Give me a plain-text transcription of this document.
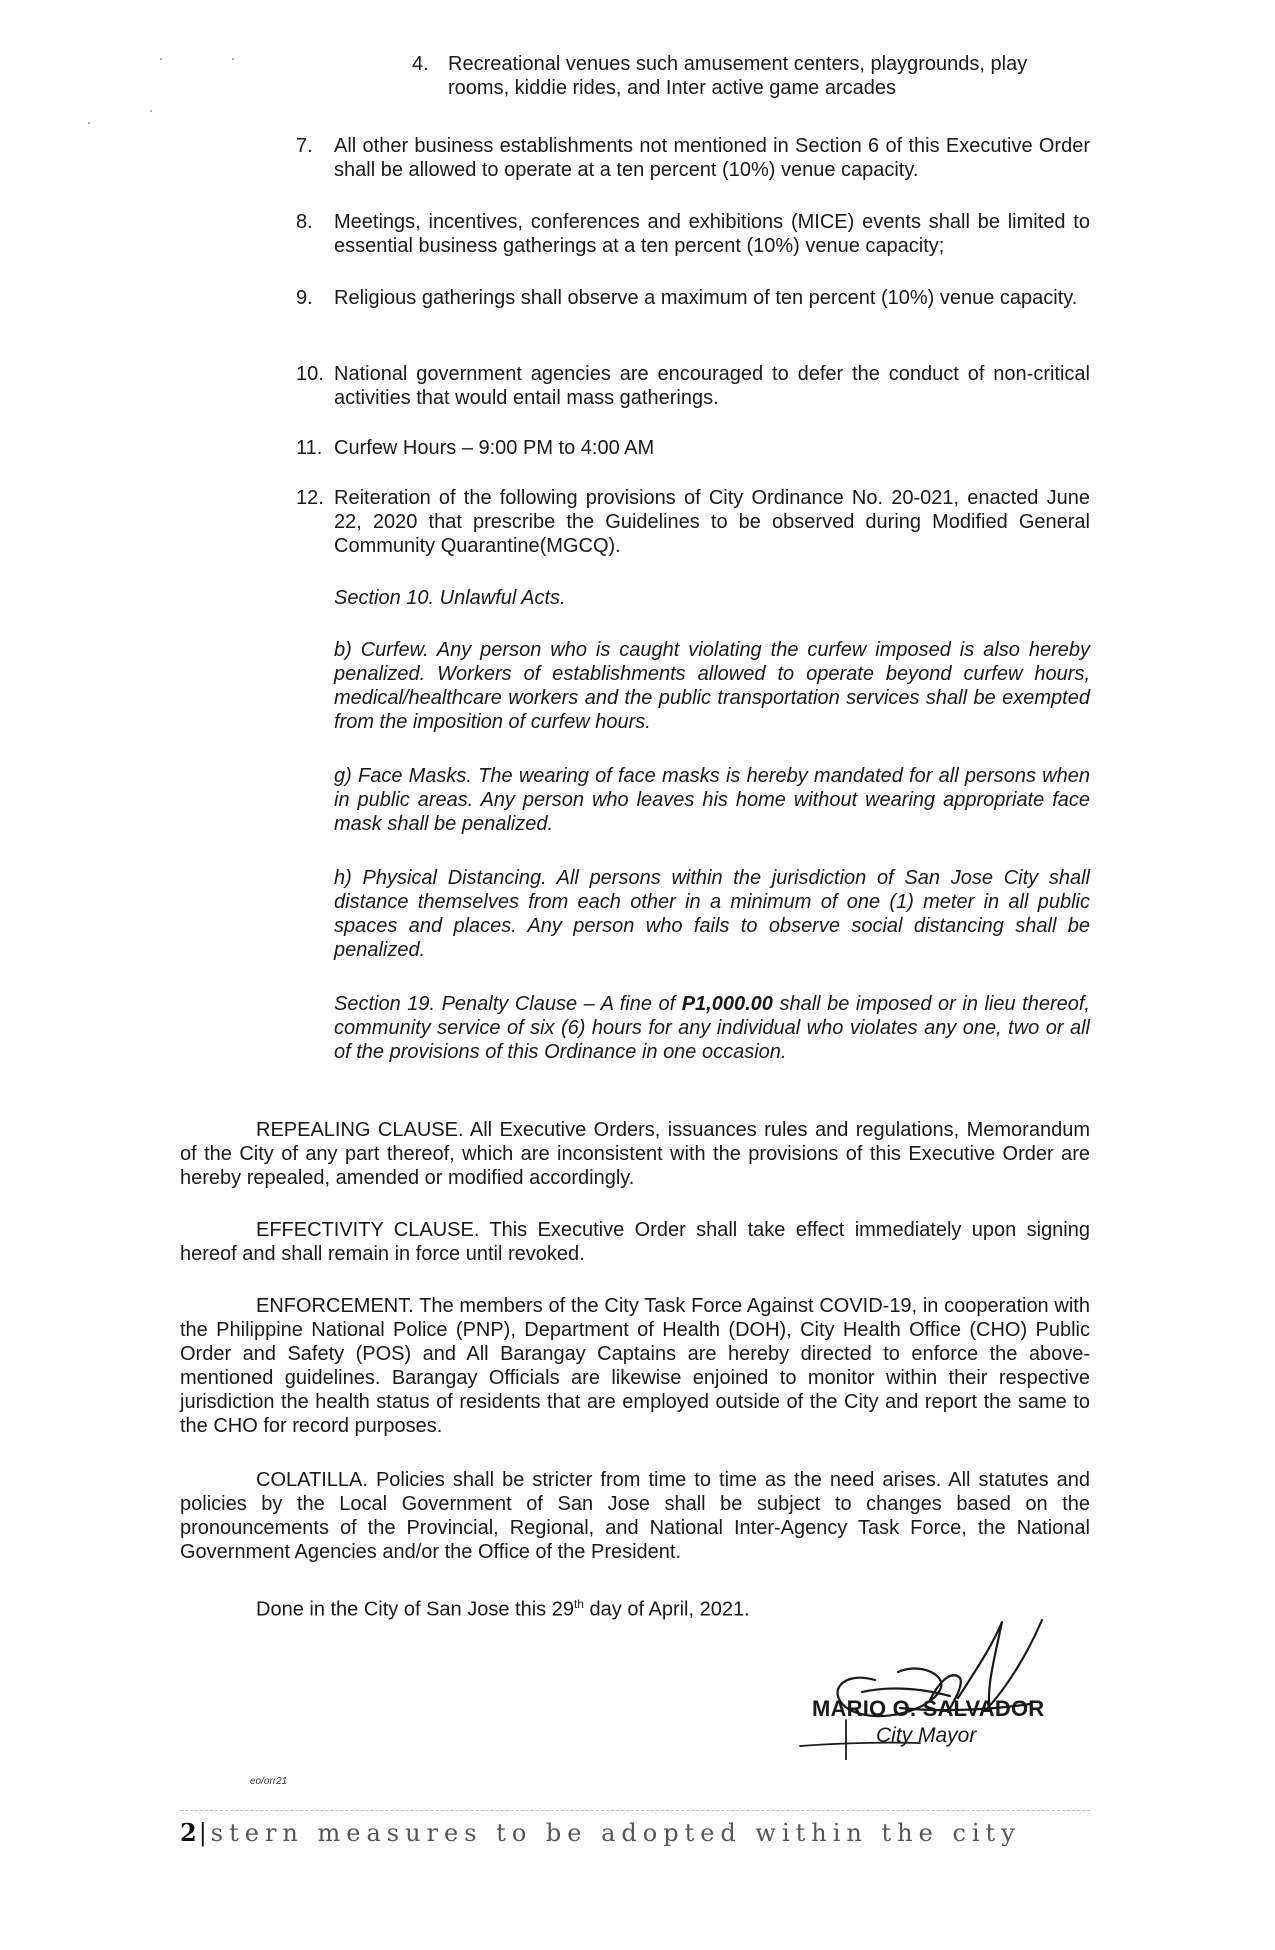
4. Recreational venues such amusement centers, playgrounds, play rooms, kiddie rides, and Inter active game arcades
7.	All other business establishments not mentioned in Section 6 of this Executive Order shall be allowed to operate at a ten percent (10%) venue capacity.
8.	Meetings, incentives, conferences and exhibitions (MICE) events shall be limited to essential business gatherings at a ten percent (10%) venue capacity;
9.	Religious gatherings shall observe a maximum of ten percent (10%) venue capacity.
10. National government agencies are encouraged to defer the conduct of non-critical activities that would entail mass gatherings.
11. Curfew Hours – 9:00 PM to 4:00 AM
12. Reiteration of the following provisions of City Ordinance No. 20-021, enacted June 22, 2020 that prescribe the Guidelines to be observed during Modified General Community Quarantine(MGCQ).
Section 10. Unlawful Acts.
b) Curfew. Any person who is caught violating the curfew imposed is also hereby penalized. Workers of establishments allowed to operate beyond curfew hours, medical/healthcare workers and the public transportation services shall be exempted from the imposition of curfew hours.
g) Face Masks. The wearing of face masks is hereby mandated for all persons when in public areas. Any person who leaves his home without wearing appropriate face mask shall be penalized.
h) Physical Distancing. All persons within the jurisdiction of San Jose City shall distance themselves from each other in a minimum of one (1) meter in all public spaces and places. Any person who fails to observe social distancing shall be penalized.
Section 19. Penalty Clause – A fine of P1,000.00 shall be imposed or in lieu thereof, community service of six (6) hours for any individual who violates any one, two or all of the provisions of this Ordinance in one occasion.
REPEALING CLAUSE. All Executive Orders, issuances rules and regulations, Memorandum of the City of any part thereof, which are inconsistent with the provisions of this Executive Order are hereby repealed, amended or modified accordingly.
EFFECTIVITY CLAUSE. This Executive Order shall take effect immediately upon signing hereof and shall remain in force until revoked.
ENFORCEMENT. The members of the City Task Force Against COVID-19, in cooperation with the Philippine National Police (PNP), Department of Health (DOH), City Health Office (CHO) Public Order and Safety (POS) and All Barangay Captains are hereby directed to enforce the above-mentioned guidelines. Barangay Officials are likewise enjoined to monitor within their respective jurisdiction the health status of residents that are employed outside of the City and report the same to the CHO for record purposes.
COLATILLA. Policies shall be stricter from time to time as the need arises. All statutes and policies by the Local Government of San Jose shall be subject to changes based on the pronouncements of the Provincial, Regional, and National Inter-Agency Task Force, the National Government Agencies and/or the Office of the President.
Done in the City of San Jose this 29th day of April, 2021.
MARIO O. SALVADOR
City Mayor
eo/orr21
2| stern measures to be adopted within the city
